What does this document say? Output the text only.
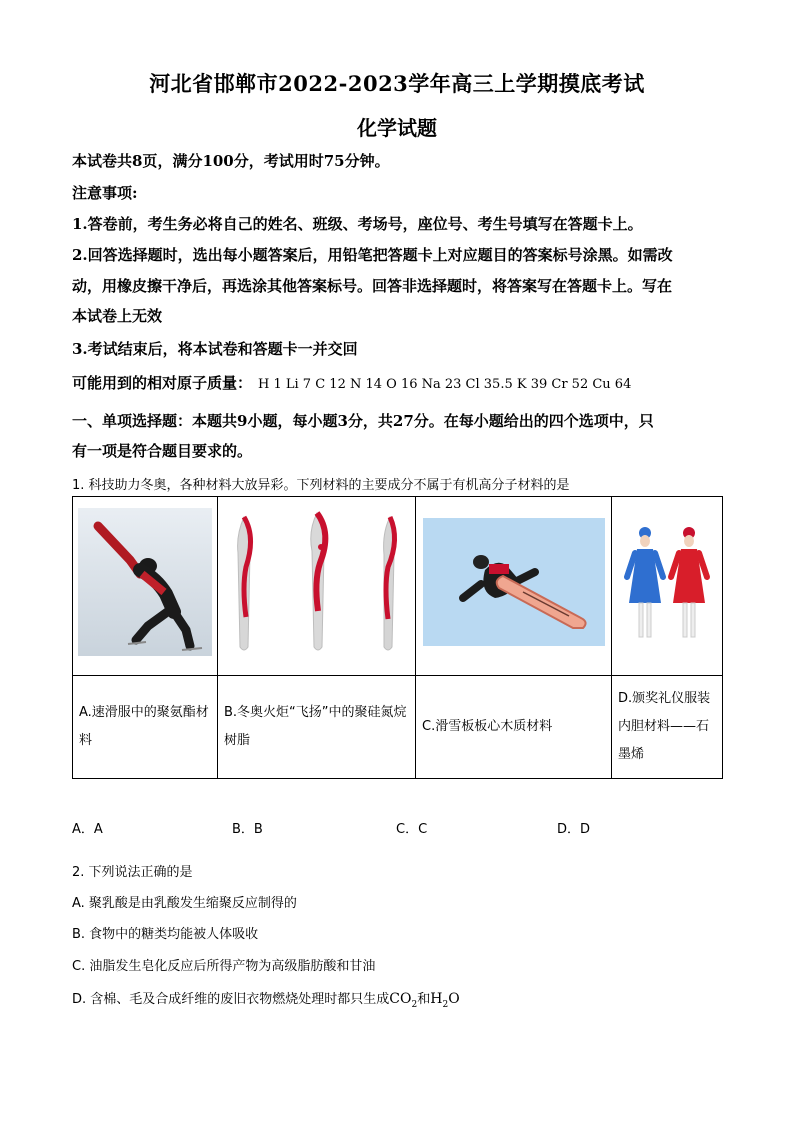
河北省邯郸市2022-2023学年高三上学期摸底考试
化学试题
本试卷共8页，满分100分，考试用时75分钟。
注意事项:
1.答卷前，考生务必将自己的姓名、班级、考场号，座位号、考生号填写在答题卡上。
2.回答选择题时，选出每小题答案后，用铅笔把答题卡上对应题目的答案标号涂黑。如需改
动，用橡皮擦干净后，再选涂其他答案标号。回答非选择题时，将答案写在答题卡上。写在
本试卷上无效
3.考试结束后，将本试卷和答题卡一并交回
可能用到的相对原子质量： H 1 Li 7 C 12 N 14 O 16 Na 23 Cl 35.5 K 39 Cr 52 Cu 64
一、单项选择题：本题共9小题，每小题3分，共27分。在每小题给出的四个选项中，只
有一项是符合题目要求的。
1. 科技助力冬奥，各种材料大放异彩。下列材料的主要成分不属于有机高分子材料的是

A.速滑服中的聚氨酯材料	B.冬奥火炬“飞扬”中的聚硅氮烷树脂	C.滑雪板板心木质材料	D.颁奖礼仪服装内胆材料——石墨烯
A．A	B．B	C．C	D．D
2. 下列说法正确的是
A. 聚乳酸是由乳酸发生缩聚反应制得的
B. 食物中的糖类均能被人体吸收
C. 油脂发生皂化反应后所得产物为高级脂肪酸和甘油
D. 含棉、毛及合成纤维的废旧衣物燃烧处理时都只生成$CO_2$和$H_2O$
